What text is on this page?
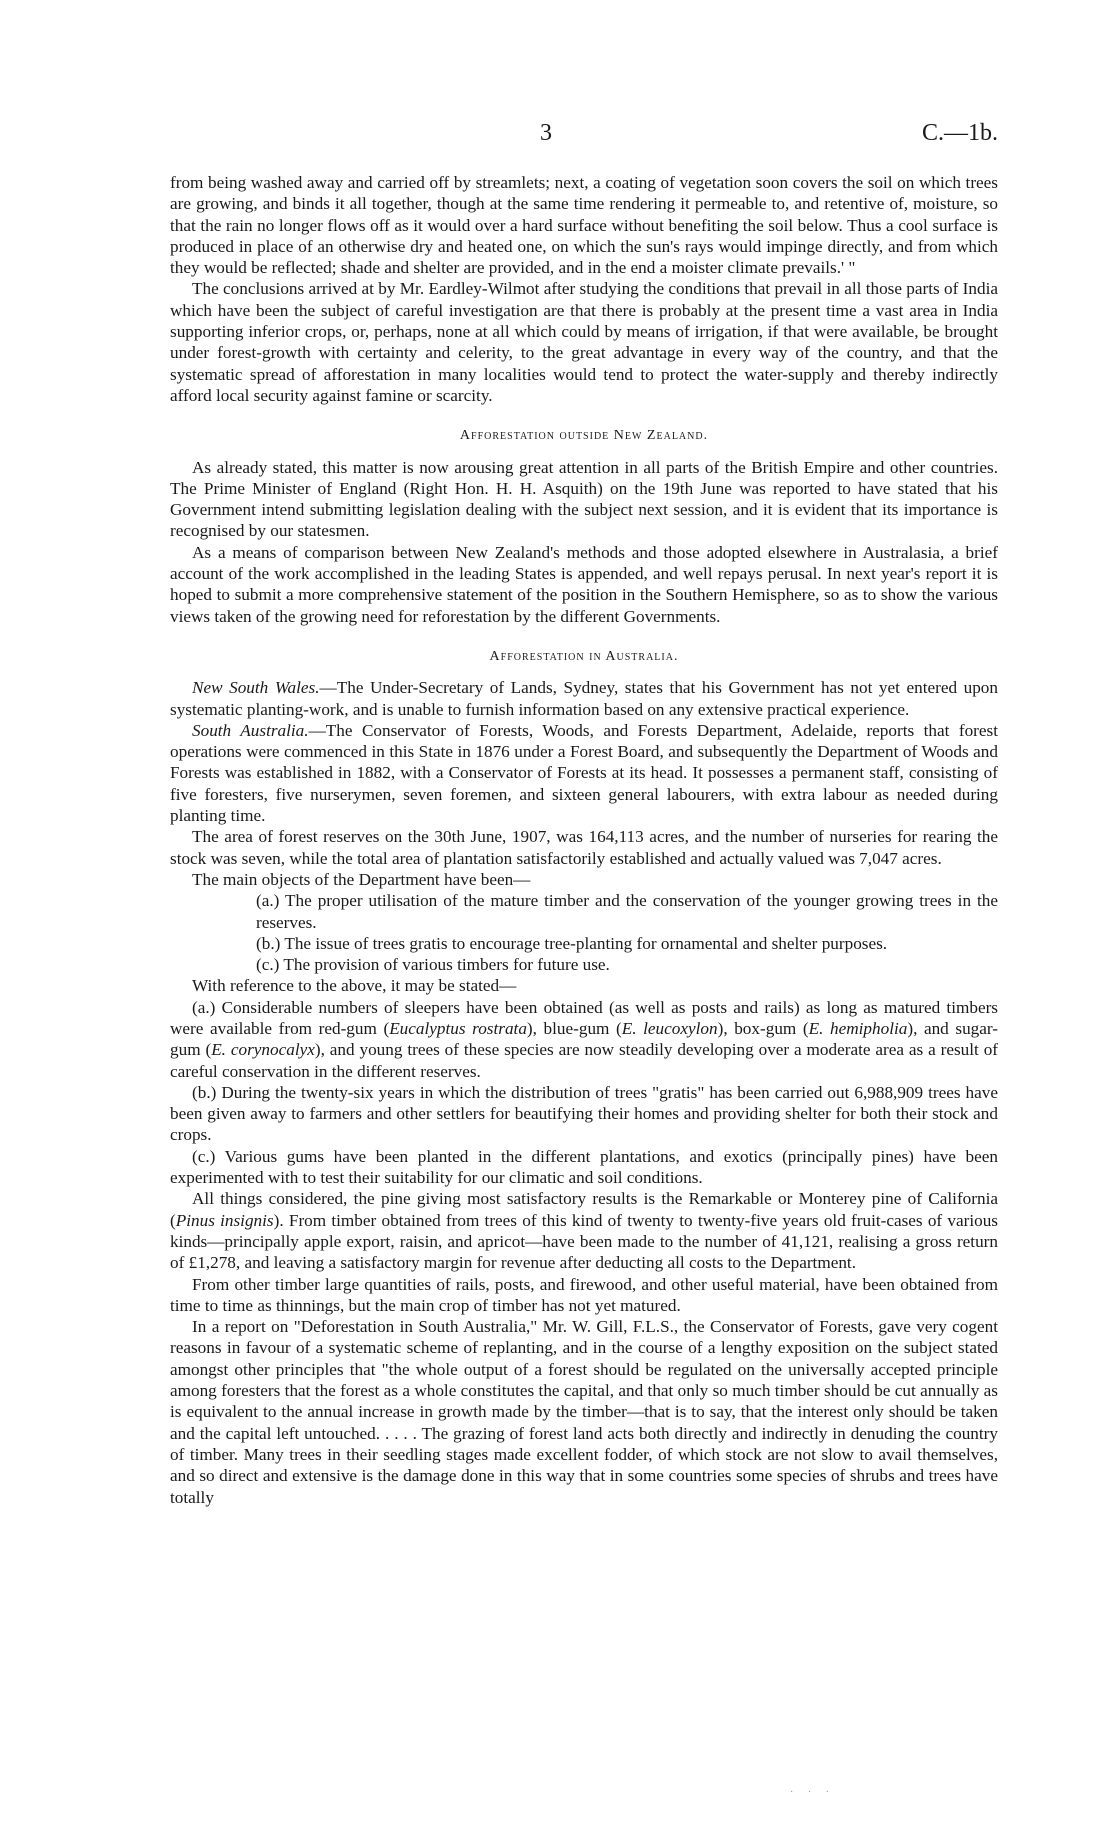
3	C.—1b.

from being washed away and carried off by streamlets; next, a coating of vegetation soon covers the soil on which trees are growing, and binds it all together, though at the same time rendering it permeable to, and retentive of, moisture, so that the rain no longer flows off as it would over a hard surface without benefiting the soil below. Thus a cool surface is produced in place of an otherwise dry and heated one, on which the sun's rays would impinge directly, and from which they would be reflected; shade and shelter are provided, and in the end a moister climate prevails.' "

The conclusions arrived at by Mr. Eardley-Wilmot after studying the conditions that prevail in all those parts of India which have been the subject of careful investigation are that there is probably at the present time a vast area in India supporting inferior crops, or, perhaps, none at all which could by means of irrigation, if that were available, be brought under forest-growth with certainty and celerity, to the great advantage in every way of the country, and that the systematic spread of afforestation in many localities would tend to protect the water-supply and thereby indirectly afford local security against famine or scarcity.

Afforestation outside New Zealand.

As already stated, this matter is now arousing great attention in all parts of the British Empire and other countries. The Prime Minister of England (Right Hon. H. H. Asquith) on the 19th June was reported to have stated that his Government intend submitting legislation dealing with the subject next session, and it is evident that its importance is recognised by our statesmen.

As a means of comparison between New Zealand's methods and those adopted elsewhere in Australasia, a brief account of the work accomplished in the leading States is appended, and well repays perusal. In next year's report it is hoped to submit a more comprehensive statement of the position in the Southern Hemisphere, so as to show the various views taken of the growing need for reforestation by the different Governments.

Afforestation in Australia.

New South Wales.—The Under-Secretary of Lands, Sydney, states that his Government has not yet entered upon systematic planting-work, and is unable to furnish information based on any extensive practical experience.

South Australia.—The Conservator of Forests, Woods, and Forests Department, Adelaide, reports that forest operations were commenced in this State in 1876 under a Forest Board, and subsequently the Department of Woods and Forests was established in 1882, with a Conservator of Forests at its head. It possesses a permanent staff, consisting of five foresters, five nurserymen, seven foremen, and sixteen general labourers, with extra labour as needed during planting time.

The area of forest reserves on the 30th June, 1907, was 164,113 acres, and the number of nurseries for rearing the stock was seven, while the total area of plantation satisfactorily established and actually valued was 7,047 acres.

The main objects of the Department have been—

(a.) The proper utilisation of the mature timber and the conservation of the younger growing trees in the reserves.

(b.) The issue of trees gratis to encourage tree-planting for ornamental and shelter purposes.

(c.) The provision of various timbers for future use.

With reference to the above, it may be stated—

(a.) Considerable numbers of sleepers have been obtained (as well as posts and rails) as long as matured timbers were available from red-gum (Eucalyptus rostrata), blue-gum (E. leucoxylon), box-gum (E. hemipholia), and sugar-gum (E. corynocalyx), and young trees of these species are now steadily developing over a moderate area as a result of careful conservation in the different reserves.

(b.) During the twenty-six years in which the distribution of trees "gratis" has been carried out 6,988,909 trees have been given away to farmers and other settlers for beautifying their homes and providing shelter for both their stock and crops.

(c.) Various gums have been planted in the different plantations, and exotics (principally pines) have been experimented with to test their suitability for our climatic and soil conditions.

All things considered, the pine giving most satisfactory results is the Remarkable or Monterey pine of California (Pinus insignis). From timber obtained from trees of this kind of twenty to twenty-five years old fruit-cases of various kinds—principally apple export, raisin, and apricot—have been made to the number of 41,121, realising a gross return of £1,278, and leaving a satisfactory margin for revenue after deducting all costs to the Department.

From other timber large quantities of rails, posts, and firewood, and other useful material, have been obtained from time to time as thinnings, but the main crop of timber has not yet matured.

In a report on "Deforestation in South Australia," Mr. W. Gill, F.L.S., the Conservator of Forests, gave very cogent reasons in favour of a systematic scheme of replanting, and in the course of a lengthy exposition on the subject stated amongst other principles that "the whole output of a forest should be regulated on the universally accepted principle among foresters that the forest as a whole constitutes the capital, and that only so much timber should be cut annually as is equivalent to the annual increase in growth made by the timber—that is to say, that the interest only should be taken and the capital left untouched. . . . . The grazing of forest land acts both directly and indirectly in denuding the country of timber. Many trees in their seedling stages made excellent fodder, of which stock are not slow to avail themselves, and so direct and extensive is the damage done in this way that in some countries some species of shrubs and trees have totally

· · ·
